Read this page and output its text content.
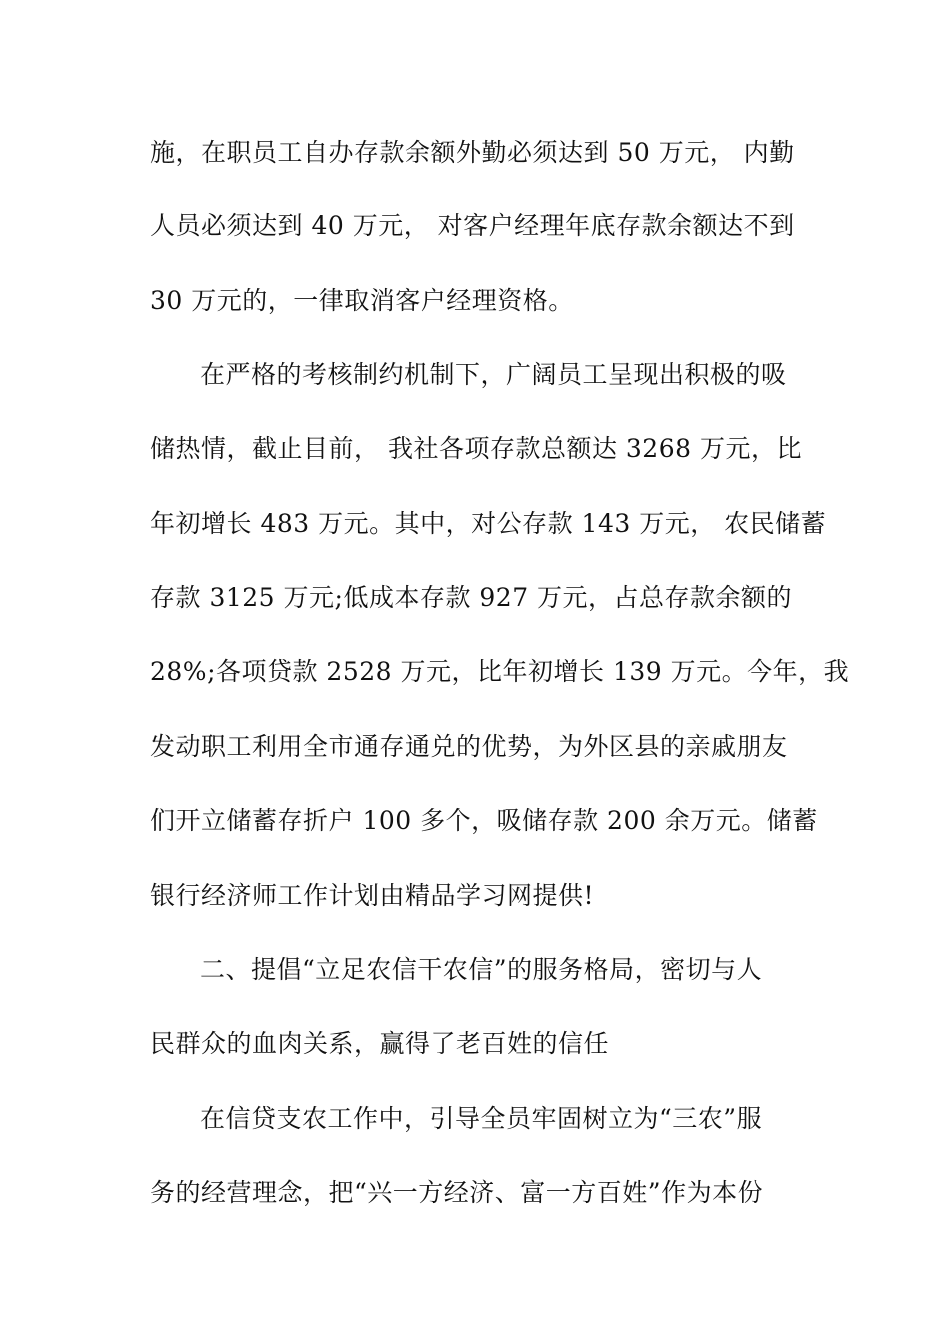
施，在职员工自办存款余额外勤必须达到 50 万元， 内勤
人员必须达到 40 万元， 对客户经理年底存款余额达不到
30 万元的，一律取消客户经理资格。
在严格的考核制约机制下，广阔员工呈现出积极的吸
储热情，截止目前， 我社各项存款总额达 3268 万元，比
年初增长 483 万元。其中，对公存款 143 万元， 农民储蓄
存款 3125 万元;低成本存款 927 万元，占总存款余额的
28%;各项贷款 2528 万元，比年初增长 139 万元。今年，我
发动职工利用全市通存通兑的优势，为外区县的亲戚朋友
们开立储蓄存折户 100 多个，吸储存款 200 余万元。储蓄
银行经济师工作计划由精品学习网提供!
二、提倡“立足农信干农信”的服务格局，密切与人
民群众的血肉关系，赢得了老百姓的信任
在信贷支农工作中，引导全员牢固树立为“三农”服
务的经营理念，把“兴一方经济、富一方百姓”作为本份
